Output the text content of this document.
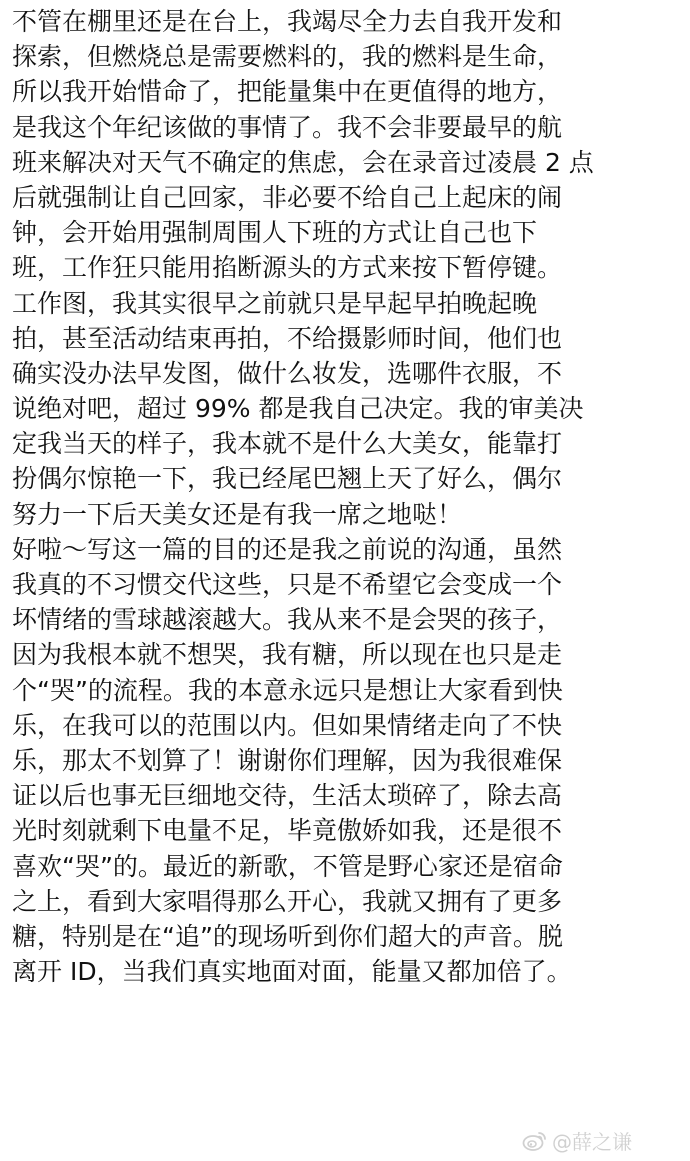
不管在棚里还是在台上，我竭尽全力去自我开发和
探索，但燃烧总是需要燃料的，我的燃料是生命，
所以我开始惜命了，把能量集中在更值得的地方，
是我这个年纪该做的事情了。我不会非要最早的航
班来解决对天气不确定的焦虑，会在录音过凌晨 2 点
后就强制让自己回家，非必要不给自己上起床的闹
钟，会开始用强制周围人下班的方式让自己也下
班，工作狂只能用掐断源头的方式来按下暂停键。
工作图，我其实很早之前就只是早起早拍晚起晚
拍，甚至活动结束再拍，不给摄影师时间，他们也
确实没办法早发图，做什么妆发，选哪件衣服，不
说绝对吧，超过 99% 都是我自己决定。我的审美决
定我当天的样子，我本就不是什么大美女，能靠打
扮偶尔惊艳一下，我已经尾巴翘上天了好么，偶尔
努力一下后天美女还是有我一席之地哒！
好啦～写这一篇的目的还是我之前说的沟通，虽然
我真的不习惯交代这些，只是不希望它会变成一个
坏情绪的雪球越滚越大。我从来不是会哭的孩子，
因为我根本就不想哭，我有糖，所以现在也只是走
个“哭”的流程。我的本意永远只是想让大家看到快
乐，在我可以的范围以内。但如果情绪走向了不快
乐，那太不划算了！谢谢你们理解，因为我很难保
证以后也事无巨细地交待，生活太琐碎了，除去高
光时刻就剩下电量不足，毕竟傲娇如我，还是很不
喜欢“哭”的。最近的新歌，不管是野心家还是宿命
之上，看到大家唱得那么开心，我就又拥有了更多
糖，特别是在“追”的现场听到你们超大的声音。脱
离开 ID，当我们真实地面对面，能量又都加倍了。
@薛之谦
